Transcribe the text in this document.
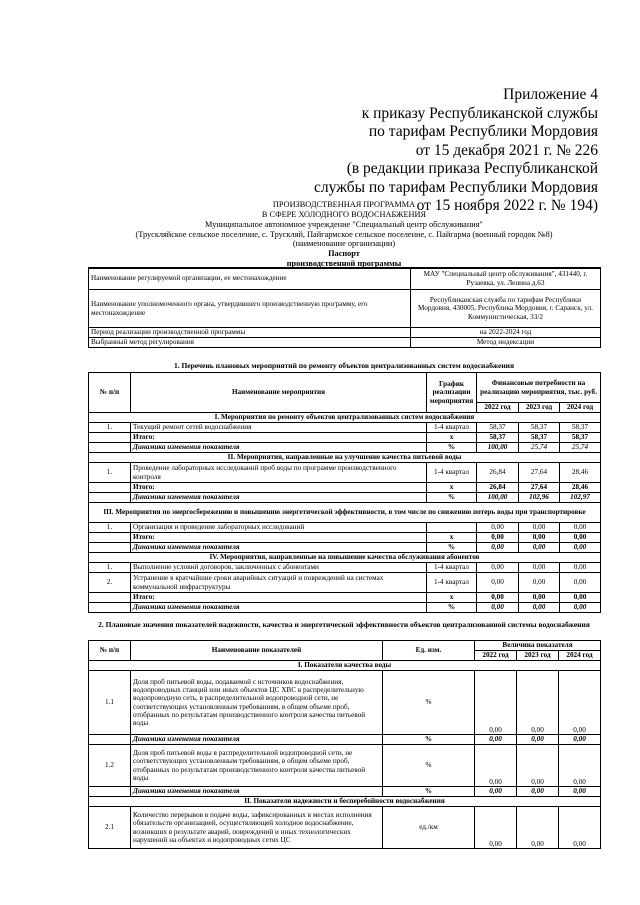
Приложение 4
к приказу Республиканской службы
по тарифам Республики Мордовия
от 15 декабря 2021 г. № 226
(в редакции приказа Республиканской
службы по тарифам Республики Мордовия
от 15 ноября 2022 г. № 194)
ПРОИЗВОДСТВЕННАЯ ПРОГРАММА
В СФЕРЕ ХОЛОДНОГО ВОДОСНАБЖЕНИЯ
Муниципальное автономное учреждение "Специальный центр обслуживания"
(Трускляйское сельское поселение, с. Трускляй, Пайгармское сельское поселение, с. Пайгарма (военный городок №8)
(наименование организации)
Паспорт
производственной программы
Наименование регулируемой организации, ее местонахождение	МАУ "Специальный центр обслуживания", 431440, г. Рузаевка, ул. Ленина д.63
Наименование уполномоченного органа, утвердившего производственную программу, его местонахождение	Республиканская служба по тарифам Республики Мордовия, 430005, Республика Мордовия, г. Саранск, ул. Коммунистическая, 33/2
Период реализации производственной программы	на 2022-2024 год
Выбранный метод регулирования	Метод индексации
1. Перечень плановых мероприятий по ремонту объектов централизованных систем водоснабжения
№ п/п	Наименование мероприятия	График реализации мероприятия	Финансовые потребности на реализацию мероприятия, тыс. руб.		
			2022 год	2023 год	2024 год
I. Мероприятия по ремонту объектов централизованных систем водоснабжения					
1.	Текущий ремонт сетей водоснабжения	1-4 квартал	58,37	58,37	58,37
	Итого:	х	58,37	58,37	58,37
	Динамика изменения показателя	%	100,00	25,74	25,74
II. Мероприятия, направленные на улучшение качества питьевой воды					
1.	Проведение лабораторных исследований проб воды по программе производственного контроля	1-4 квартал	26,84	27,64	28,46
	Итого:	х	26,84	27,64	28,46
	Динамика изменения показателя	%	100,00	102,96	102,97
III. Мероприятия по энергосбережению и повышению энергетической эффективности, в том числе по снижению потерь воды при транспортировке					
1.	Организация и проведение лабораторных исследований		0,00	0,00	0,00
	Итого:	х	0,00	0,00	0,00
	Динамика изменения показателя	%	0,00	0,00	0,00
IV. Мероприятия, направленные на повышение качества обслуживания абонентов					
1.	Выполнение условий договоров, заключенных с абонентами	1-4 квартал	0,00	0,00	0,00
2.	Устранение в кратчайшие сроки аварийных ситуаций и повреждений на системах коммунальной инфраструктуры	1-4 квартал	0,00	0,00	0,00
	Итого:	х	0,00	0,00	0,00
	Динамика изменения показателя	%	0,00	0,00	0,00
2. Плановые значения показателей надежности, качества и энергетической эффективности объектов централизованной системы водоснабжения
№ п/п	Наименование показателей	Ед. изм.	Величина показателя		
			2022 год	2023 год	2024 год
I. Показатели качества воды					
1.1	Доля проб питьевой воды, подаваемой с источников водоснабжения, водопроводных станций или иных объектов ЦС ХВС в распределительную водопроводную сеть, в распределительной водопроводной сети, не соответствующих установленным требованиям, в общем объеме проб, отобранных по результатам производственного контроля качества питьевой воды	%	0,00	0,00	0,00
	Динамика изменения показателя	%	0,00	0,00	0,00
1.2	Доля проб питьевой воды в распределительной водопроводной сети, не соответствующих установленным требованиям, в общем объеме проб, отобранных по результатам производственного контроля качества питьевой воды	%	0,00	0,00	0,00
	Динамика изменения показателя	%	0,00	0,00	0,00
II. Показатели надежности и бесперебойности водоснабжения					
2.1	Количество перерывов в подаче воды, зафиксированных в местах исполнения обязательств организацией, осуществляющей холодное водоснабжение, возникших в результате аварий, повреждений и иных технологических нарушений на объектах и водопроводных сетях ЦС	ед./км	0,00	0,00	0,00
